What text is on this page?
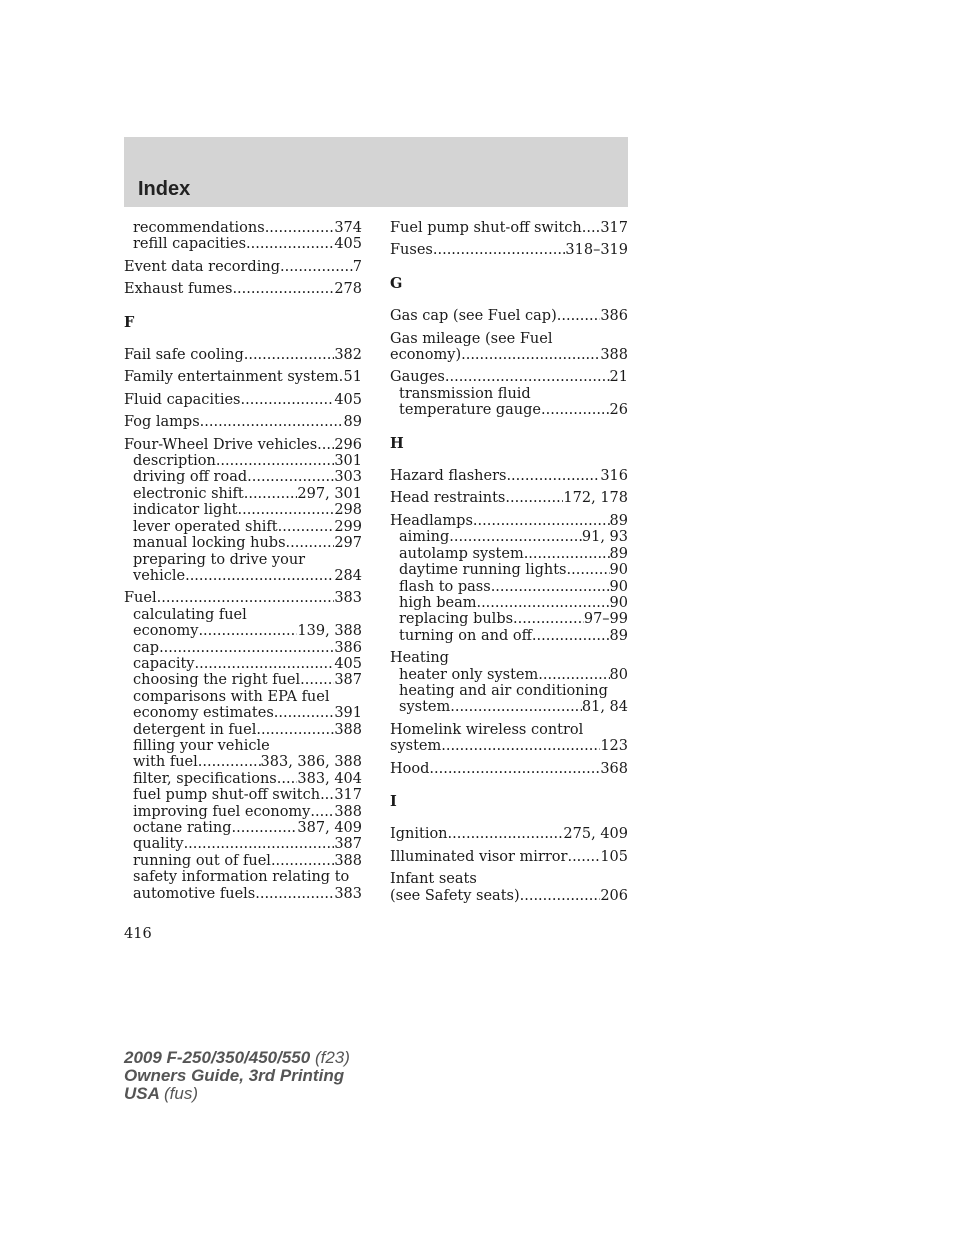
Index
recommendations .....	374
refill capacities .....	405
Event data recording .....	7
Exhaust fumes .....	278
F
Fail safe cooling .....	382
Family entertainment system ..... 51
Fluid capacities .....	405
Fog lamps .....	89
Four-Wheel Drive vehicles ..... 296
description .....	301
driving off road .....	303
electronic shift .....	297, 301
indicator light .....	298
lever operated shift .....	299
manual locking hubs .....	297
preparing to drive your
vehicle .....	284
Fuel .....	383
calculating fuel
economy .....	139, 388
cap .....	386
capacity .....	405
choosing the right fuel ..... 387
comparisons with EPA fuel
economy estimates .....	391
detergent in fuel .....	388
filling your vehicle
with fuel .....	383, 386, 388
filter, specifications ..... 383, 404
fuel pump shut-off switch ..... 317
improving fuel economy ..... 388
octane rating .....	387, 409
quality .....	387
running out of fuel .....	388
safety information relating to
automotive fuels .....	383
Fuel pump shut-off switch ..... 317
Fuses .....	318–319
G
Gas cap (see Fuel cap) .....	386
Gas mileage (see Fuel
economy) .....	388
Gauges .....	21
transmission fluid
temperature gauge .....	26
H
Hazard flashers .....	316
Head restraints .....	172, 178
Headlamps .....	89
aiming .....	91, 93
autolamp system .....	89
daytime running lights .....	90
flash to pass .....	90
high beam .....	90
replacing bulbs .....	97–99
turning on and off .....	89
Heating
heater only system .....	80
heating and air conditioning
system .....	81, 84
Homelink wireless control
system .....	123
Hood .....	368
I
Ignition .....	275, 409
Illuminated visor mirror ..... 105
Infant seats
(see Safety seats) .....	206
416
2009 F-250/350/450/550 (f23)
Owners Guide, 3rd Printing
USA (fus)
